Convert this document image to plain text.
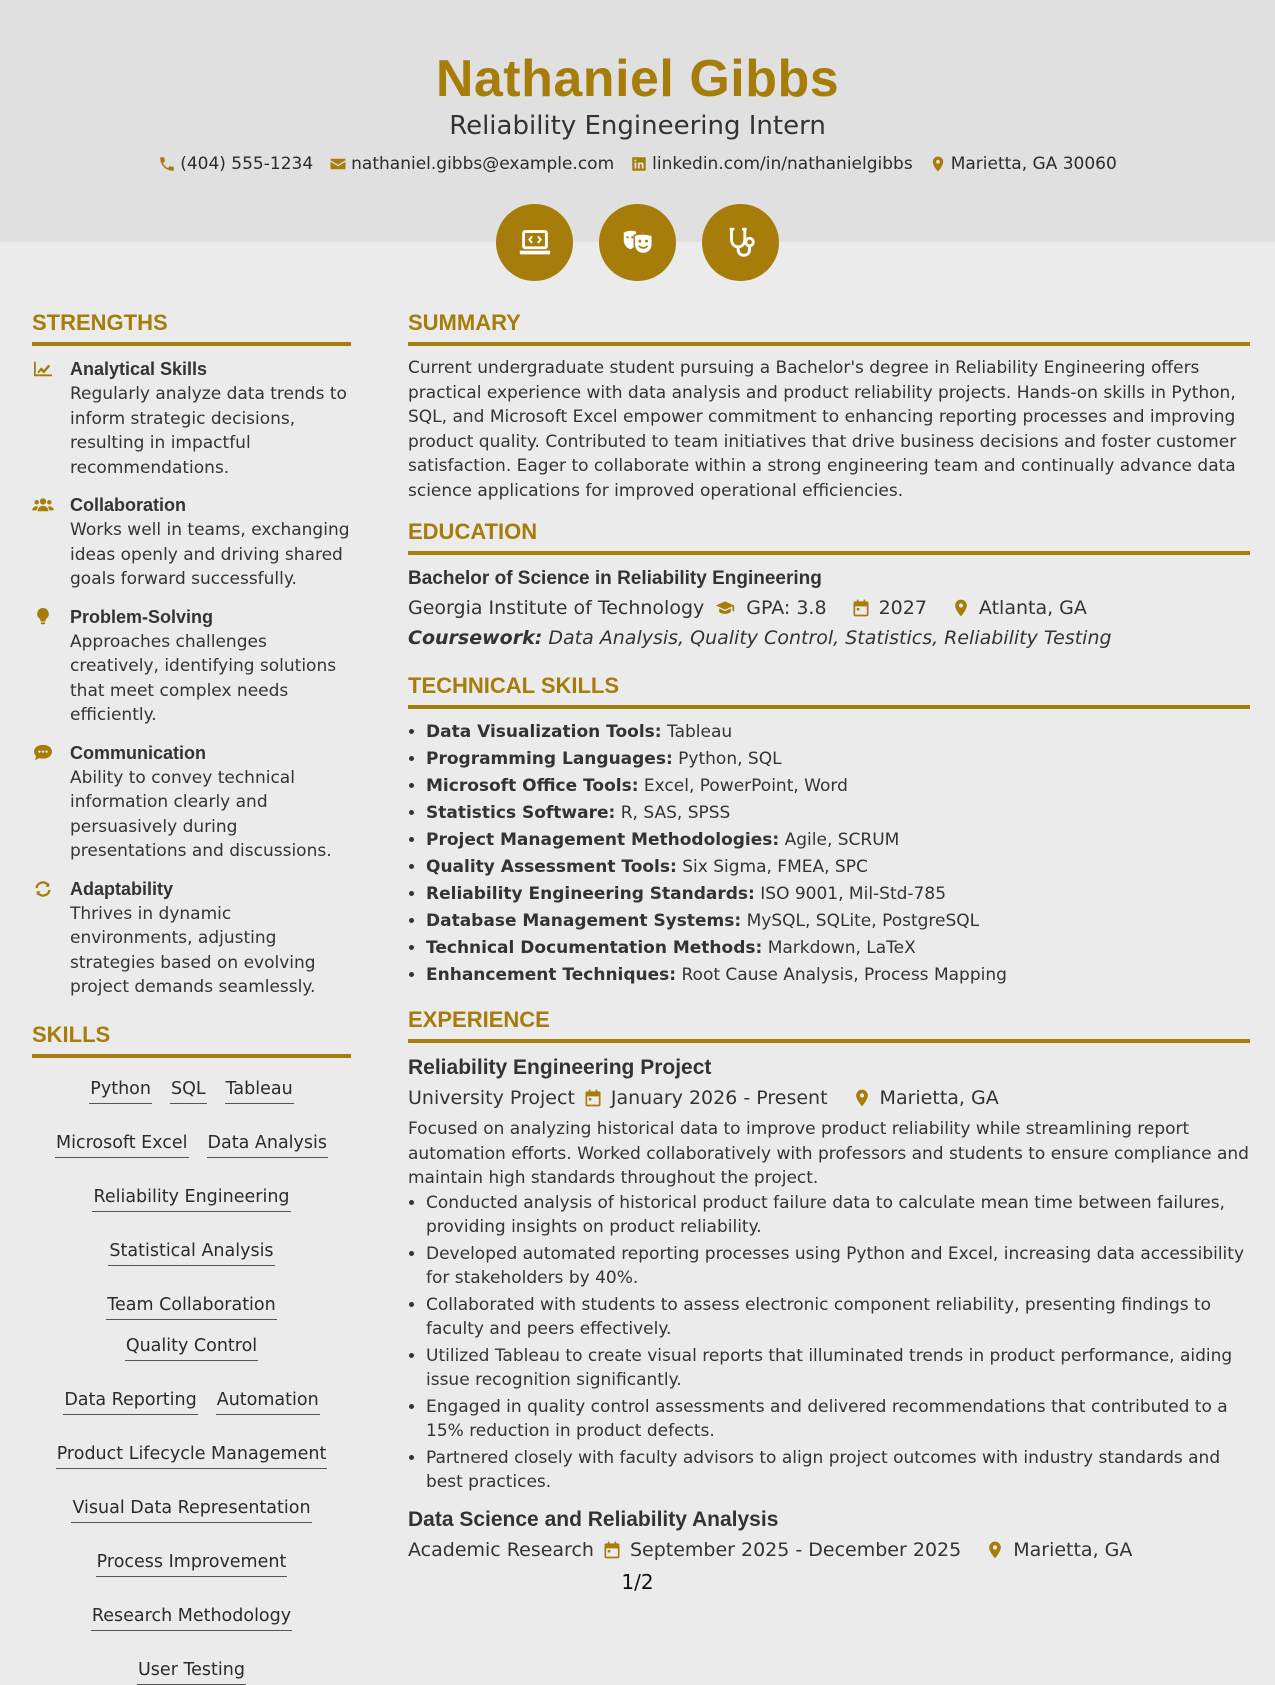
Nathaniel Gibbs
Reliability Engineering Intern
(404) 555-1234 nathaniel.gibbs@example.com linkedin.com/in/nathanielgibbs Marietta, GA 30060
STRENGTHS
Analytical Skills
Regularly analyze data trends to inform strategic decisions, resulting in impactful recommendations.
Collaboration
Works well in teams, exchanging ideas openly and driving shared goals forward successfully.
Problem-Solving
Approaches challenges creatively, identifying solutions that meet complex needs efficiently.
Communication
Ability to convey technical information clearly and persuasively during presentations and discussions.
Adaptability
Thrives in dynamic environments, adjusting strategies based on evolving project demands seamlessly.
SKILLS
Python SQL Tableau
Microsoft Excel Data Analysis
Reliability Engineering
Statistical Analysis
Team Collaboration
Quality Control
Data Reporting Automation
Product Lifecycle Management
Visual Data Representation
Process Improvement
Research Methodology
User Testing
SUMMARY
Current undergraduate student pursuing a Bachelor's degree in Reliability Engineering offers practical experience with data analysis and product reliability projects. Hands-on skills in Python, SQL, and Microsoft Excel empower commitment to enhancing reporting processes and improving product quality. Contributed to team initiatives that drive business decisions and foster customer satisfaction. Eager to collaborate within a strong engineering team and continually advance data science applications for improved operational efficiencies.
EDUCATION
Bachelor of Science in Reliability Engineering
Georgia Institute of Technology GPA: 3.8	2027	Atlanta, GA
Coursework: Data Analysis, Quality Control, Statistics, Reliability Testing
TECHNICAL SKILLS
• Data Visualization Tools: Tableau
• Programming Languages: Python, SQL
• Microsoft Office Tools: Excel, PowerPoint, Word
• Statistics Software: R, SAS, SPSS
• Project Management Methodologies: Agile, SCRUM
• Quality Assessment Tools: Six Sigma, FMEA, SPC
• Reliability Engineering Standards: ISO 9001, Mil-Std-785
• Database Management Systems: MySQL, SQLite, PostgreSQL
• Technical Documentation Methods: Markdown, LaTeX
• Enhancement Techniques: Root Cause Analysis, Process Mapping
EXPERIENCE
Reliability Engineering Project
University Project January 2026 - Present	Marietta, GA
Focused on analyzing historical data to improve product reliability while streamlining report automation efforts. Worked collaboratively with professors and students to ensure compliance and maintain high standards throughout the project.
• Conducted analysis of historical product failure data to calculate mean time between failures, providing insights on product reliability.
• Developed automated reporting processes using Python and Excel, increasing data accessibility for stakeholders by 40%.
• Collaborated with students to assess electronic component reliability, presenting findings to faculty and peers effectively.
• Utilized Tableau to create visual reports that illuminated trends in product performance, aiding issue recognition significantly.
• Engaged in quality control assessments and delivered recommendations that contributed to a 15% reduction in product defects.
• Partnered closely with faculty advisors to align project outcomes with industry standards and best practices.
Data Science and Reliability Analysis
Academic Research September 2025 - December 2025	Marietta, GA
1/2
